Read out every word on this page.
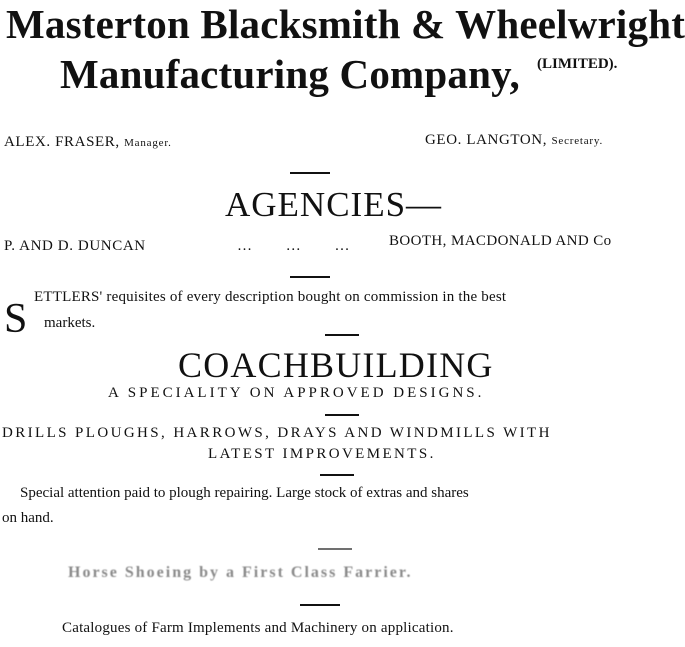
Masterton Blacksmith & Wheelwright
Manufacturing Company, (LIMITED).
ALEX. FRASER, Manager.	GEO. LANGTON, Secretary.
AGENCIES—
P. AND D. DUNCAN	… … … BOOTH, MACDONALD AND Co
S ETTLERS' requisites of every description bought on commission in the best
markets.
COACHBUILDING
A SPECIALITY ON APPROVED DESIGNS.
DRILLS PLOUGHS, HARROWS, DRAYS AND WINDMILLS WITH
LATEST IMPROVEMENTS.
Special attention paid to plough repairing. Large stock of extras and shares
on hand.
Horse Shoeing by a First Class Farrier.
Catalogues of Farm Implements and Machinery on application.
